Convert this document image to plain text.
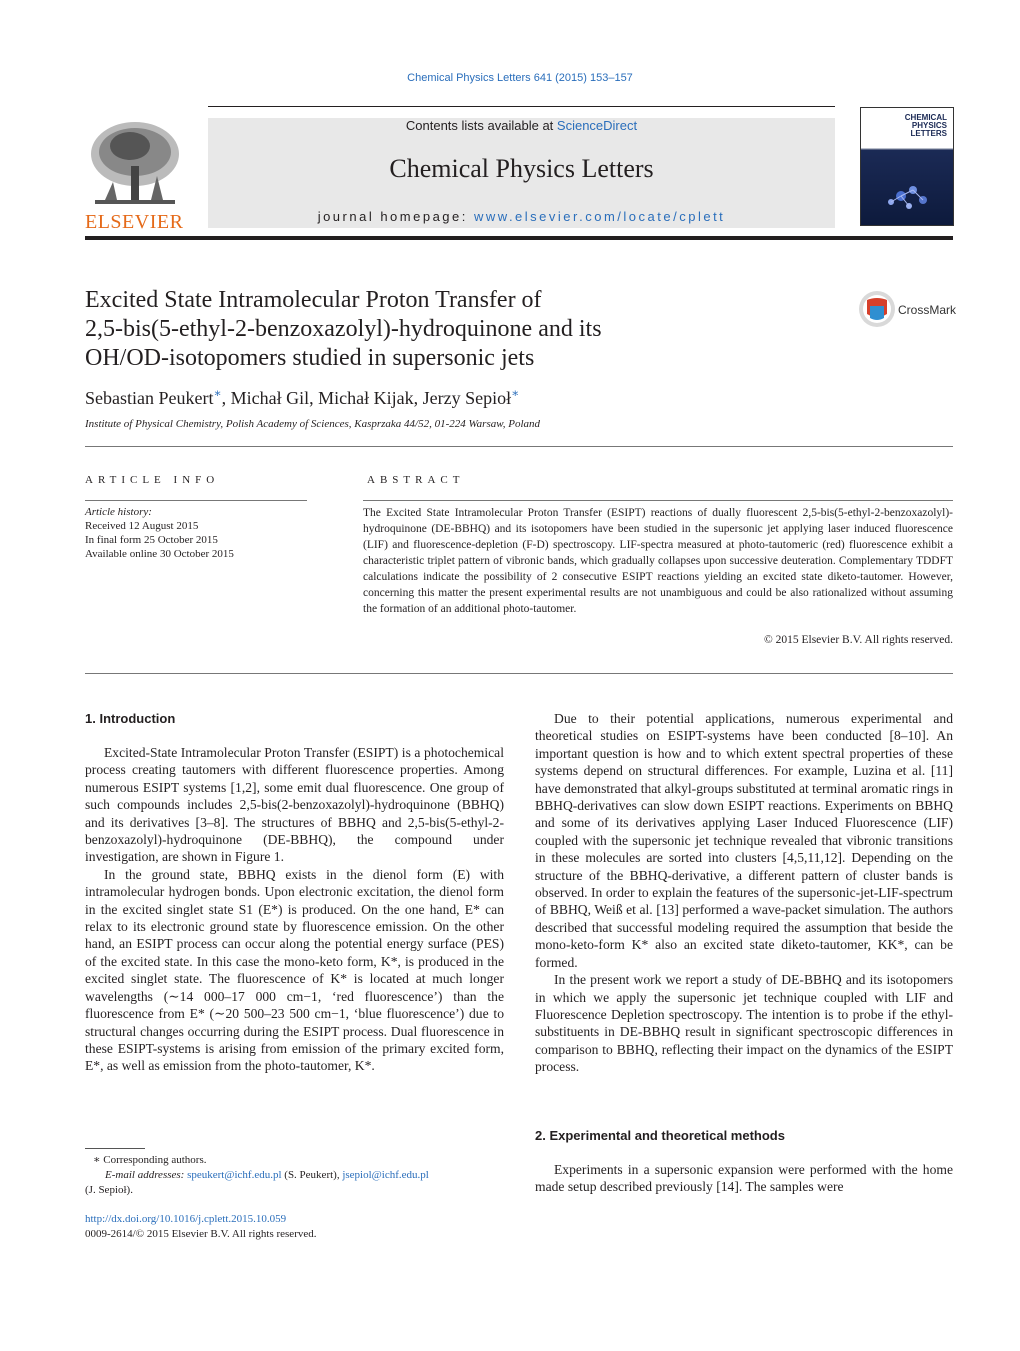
Chemical Physics Letters 641 (2015) 153–157
ELSEVIER
Contents lists available at ScienceDirect
Chemical Physics Letters
journal homepage: www.elsevier.com/locate/cplett
CHEMICAL
PHYSICS
LETTERS
Excited State Intramolecular Proton Transfer of
2,5-bis(5-ethyl-2-benzoxazolyl)-hydroquinone and its
OH/OD-isotopomers studied in supersonic jets
CrossMark
Sebastian Peukert∗, Michał Gil, Michał Kijak, Jerzy Sepioł∗
Institute of Physical Chemistry, Polish Academy of Sciences, Kasprzaka 44/52, 01-224 Warsaw, Poland
ARTICLE INFO
Article history:
Received 12 August 2015
In final form 25 October 2015
Available online 30 October 2015
ABSTRACT
The Excited State Intramolecular Proton Transfer (ESIPT) reactions of dually fluorescent 2,5-bis(5-ethyl-2-benzoxazolyl)-hydroquinone (DE-BBHQ) and its isotopomers have been studied in the supersonic jet applying laser induced fluorescence (LIF) and fluorescence-depletion (F-D) spectroscopy. LIF-spectra measured at photo-tautomeric (red) fluorescence exhibit a characteristic triplet pattern of vibronic bands, which gradually collapses upon successive deuteration. Complementary TDDFT calculations indicate the possibility of 2 consecutive ESIPT reactions yielding an excited state diketo-tautomer. However, concerning this matter the present experimental results are not unambiguous and could be also rationalized without assuming the formation of an additional photo-tautomer.
© 2015 Elsevier B.V. All rights reserved.
1. Introduction

Excited-State Intramolecular Proton Transfer (ESIPT) is a photochemical process creating tautomers with different fluorescence properties. Among numerous ESIPT systems [1,2], some emit dual fluorescence. One group of such compounds includes 2,5-bis(2-benzoxazolyl)-hydroquinone (BBHQ) and its derivatives [3–8]. The structures of BBHQ and 2,5-bis(5-ethyl-2-benzoxazolyl)-hydroquinone (DE-BBHQ), the compound under investigation, are shown in Figure 1.

In the ground state, BBHQ exists in the dienol form (E) with intramolecular hydrogen bonds. Upon electronic excitation, the dienol form in the excited singlet state S1 (E*) is produced. On the one hand, E* can relax to its electronic ground state by fluorescence emission. On the other hand, an ESIPT process can occur along the potential energy surface (PES) of the excited state. In this case the mono-keto form, K*, is produced in the excited singlet state. The fluorescence of K* is located at much longer wavelengths (∼14 000–17 000 cm−1, ‘red fluorescence’) than the fluorescence from E* (∼20 500–23 500 cm−1, ‘blue fluorescence’) due to structural changes occurring during the ESIPT process. Dual fluorescence in these ESIPT-systems is arising from emission of the primary excited form, E*, as well as emission from the photo-tautomer, K*.

Due to their potential applications, numerous experimental and theoretical studies on ESIPT-systems have been conducted [8–10]. An important question is how and to which extent spectral properties of these systems depend on structural differences. For example, Luzina et al. [11] have demonstrated that alkyl-groups substituted at terminal aromatic rings in BBHQ-derivatives can slow down ESIPT reactions. Experiments on BBHQ and some of its derivatives applying Laser Induced Fluorescence (LIF) coupled with the supersonic jet technique revealed that vibronic transitions in these molecules are sorted into clusters [4,5,11,12]. Depending on the structure of the BBHQ-derivative, a different pattern of cluster bands is observed. In order to explain the features of the supersonic-jet-LIF-spectrum of BBHQ, Weiß et al. [13] performed a wave-packet simulation. The authors described that successful modeling required the assumption that beside the mono-keto-form K* also an excited state diketo-tautomer, KK*, can be formed.

In the present work we report a study of DE-BBHQ and its isotopomers in which we apply the supersonic jet technique coupled with LIF and Fluorescence Depletion spectroscopy. The intention is to probe if the ethyl-substituents in DE-BBHQ result in significant spectroscopic differences in comparison to BBHQ, reflecting their impact on the dynamics of the ESIPT process.

2. Experimental and theoretical methods

Experiments in a supersonic expansion were performed with the home made setup described previously [14]. The samples were

∗ Corresponding authors.
E-mail addresses: speukert@ichf.edu.pl (S. Peukert), jsepiol@ichf.edu.pl
(J. Sepioł).
http://dx.doi.org/10.1016/j.cplett.2015.10.059
0009-2614/© 2015 Elsevier B.V. All rights reserved.
